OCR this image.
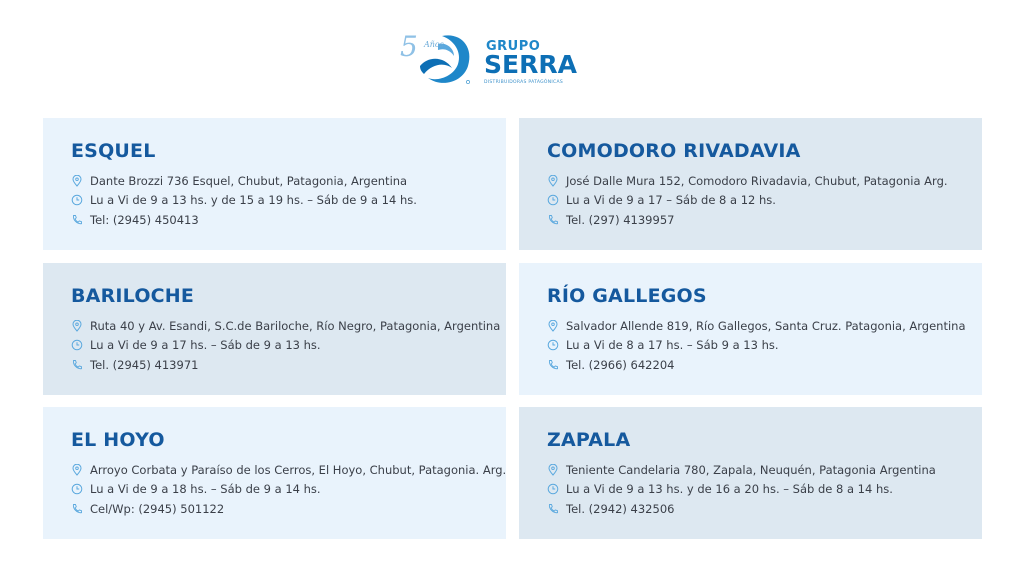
5 Años	GRUPO
SERRA
DISTRIBUIDORAS PATAGÓNICAS
ESQUEL
Dante Brozzi 736 Esquel, Chubut, Patagonia, Argentina
Lu a Vi de 9 a 13 hs. y de 15 a 19 hs. – Sáb de 9 a 14 hs.
Tel: (2945) 450413
COMODORO RIVADAVIA
José Dalle Mura 152, Comodoro Rivadavia, Chubut, Patagonia Arg.
Lu a Vi de 9 a 17 – Sáb de 8 a 12 hs.
Tel. (297) 4139957
BARILOCHE
Ruta 40 y Av. Esandi, S.C.de Bariloche, Río Negro, Patagonia, Argentina
Lu a Vi de 9 a 17 hs. – Sáb de 9 a 13 hs.
Tel. (2945) 413971
RÍO GALLEGOS
Salvador Allende 819, Río Gallegos, Santa Cruz. Patagonia, Argentina
Lu a Vi de 8 a 17 hs. – Sáb 9 a 13 hs.
Tel. (2966) 642204
EL HOYO
Arroyo Corbata y Paraíso de los Cerros, El Hoyo, Chubut, Patagonia. Arg.
Lu a Vi de 9 a 18 hs. – Sáb de 9 a 14 hs.
Cel/Wp: (2945) 501122
ZAPALA
Teniente Candelaria 780, Zapala, Neuquén, Patagonia Argentina
Lu a Vi de 9 a 13 hs. y de 16 a 20 hs. – Sáb de 8 a 14 hs.
Tel. (2942) 432506
